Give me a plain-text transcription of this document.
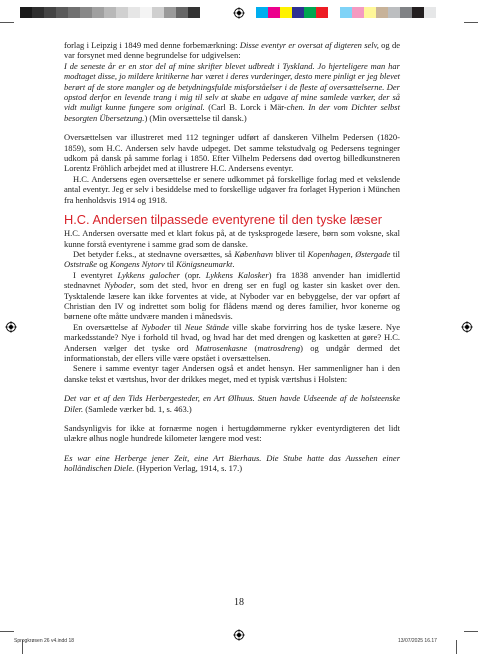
forlag i Leipzig i 1849 med denne forbemærkning: Disse eventyr er oversat af digteren selv, og de var forsynet med denne begrundelse for udgivelsen:

I de seneste år er en stor del af mine skrifter blevet udbredt i Tyskland. Jo hjerteligere man har modtaget disse, jo mildere kritikerne har været i deres vurderinger, desto mere pinligt er jeg blevet berørt af de store mangler og de betydningsfulde misforståelser i de fleste af oversættelserne. Der opstod derfor en levende trang i mig til selv at skabe en udgave af mine samlede værker, der så vidt muligt kunne fungere som original. (Carl B. Lorck i Mär-chen. In der vom Dichter selbst besorgten Übersetzung.) (Min oversættelse til dansk.)

Oversættelsen var illustreret med 112 tegninger udført af danskeren Vilhelm Pedersen (1820-1859), som H.C. Andersen selv havde udpeget. Det samme tekstudvalg og Pedersens tegninger udkom på dansk på samme forlag i 1850. Efter Vilhelm Pedersens død overtog billedkunstneren Lorentz Fröhlich arbejdet med at illustrere H.C. Andersens eventyr.

H.C. Andersens egen oversættelse er senere udkommet på forskellige forlag med et vekslende antal eventyr. Jeg er selv i besiddelse med to forskellige udgaver fra forlaget Hyperion i München fra henholdsvis 1914 og 1918.

H.C. Andersen tilpassede eventyrene til den tyske læser

H.C. Andersen oversatte med et klart fokus på, at de tysksprogede læsere, børn som voksne, skal kunne forstå eventyrene i samme grad som de danske.

Det betyder f.eks., at stednavne oversættes, så København bliver til Kopenhagen, Østergade til Oststraße og Kongens Nytorv til Königsneumarkt.

I eventyret Lykkens galocher (opr. Lykkens Kalosker) fra 1838 anvender han imidlertid stednavnet Nyboder, som det sted, hvor en dreng ser en fugl og kaster sin kasket over den. Tysktalende læsere kan ikke forventes at vide, at Nyboder var en bebyggelse, der var opført af Christian den IV og indrettet som bolig for flådens mænd og deres familier, hvor konerne og børnene ofte måtte undvære manden i månedsvis.

En oversættelse af Nyboder til Neue Stände ville skabe forvirring hos de tyske læsere. Nye markedsstande? Nye i forhold til hvad, og hvad har det med drengen og kasketten at gøre? H.C. Andersen vælger det tyske ord Matrosenkasne (matrosdreng) og undgår dermed det informationstab, der ellers ville være opstået i oversættelsen.

Senere i samme eventyr tager Andersen også et andet hensyn. Her sammenligner han i den danske tekst et værtshus, hvor der drikkes meget, med et typisk værtshus i Holsten:

Det var et af den Tids Herbergesteder, en Art Ølhuus. Stuen havde Udseende af de holsteenske Diler. (Samlede værker bd. 1, s. 463.)

Sandsynligvis for ikke at fornærme nogen i hertugdømmerne rykker eventyrdigteren det lidt ulækre ølhus nogle hundrede kilometer længere mod vest:

Es war eine Herberge jener Zeit, eine Art Bierhaus. Die Stube hatte das Aussehen einer holländischen Diele. (Hyperion Verlag, 1914, s. 17.)

18
Sprogkrøsen 26 v4.indd 18	13/07/2025 16.17
